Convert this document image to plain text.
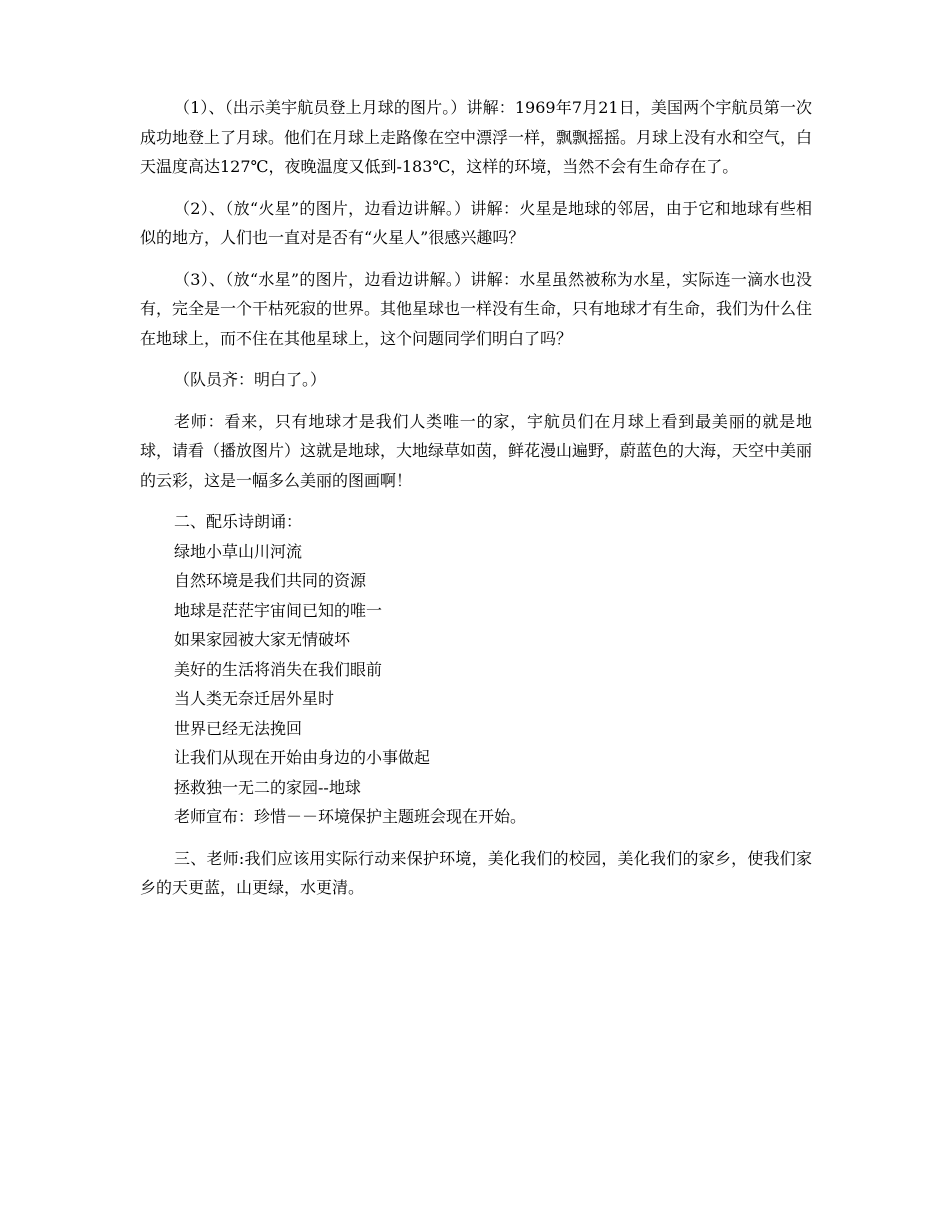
（1）、（出示美宇航员登上月球的图片。）讲解：1969年7月21日，美国两个宇航员第一次成功地登上了月球。他们在月球上走路像在空中漂浮一样，飘飘摇摇。月球上没有水和空气，白天温度高达127℃，夜晚温度又低到-183℃，这样的环境，当然不会有生命存在了。

（2）、（放“火星”的图片，边看边讲解。）讲解：火星是地球的邻居，由于它和地球有些相似的地方，人们也一直对是否有“火星人”很感兴趣吗？

（3）、（放“水星”的图片，边看边讲解。）讲解：水星虽然被称为水星，实际连一滴水也没有，完全是一个干枯死寂的世界。其他星球也一样没有生命，只有地球才有生命，我们为什么住在地球上，而不住在其他星球上，这个问题同学们明白了吗？

（队员齐：明白了。）

老师：看来，只有地球才是我们人类唯一的家，宇航员们在月球上看到最美丽的就是地球，请看（播放图片）这就是地球，大地绿草如茵，鲜花漫山遍野，蔚蓝色的大海，天空中美丽的云彩，这是一幅多么美丽的图画啊！

二、配乐诗朗诵：

绿地小草山川河流

自然环境是我们共同的资源

地球是茫茫宇宙间已知的唯一

如果家园被大家无情破坏

美好的生活将消失在我们眼前

当人类无奈迁居外星时

世界已经无法挽回

让我们从现在开始由身边的小事做起

拯救独一无二的家园--地球

老师宣布：珍惜－－环境保护主题班会现在开始。

三、老师:我们应该用实际行动来保护环境，美化我们的校园，美化我们的家乡，使我们家乡的天更蓝，山更绿，水更清。
